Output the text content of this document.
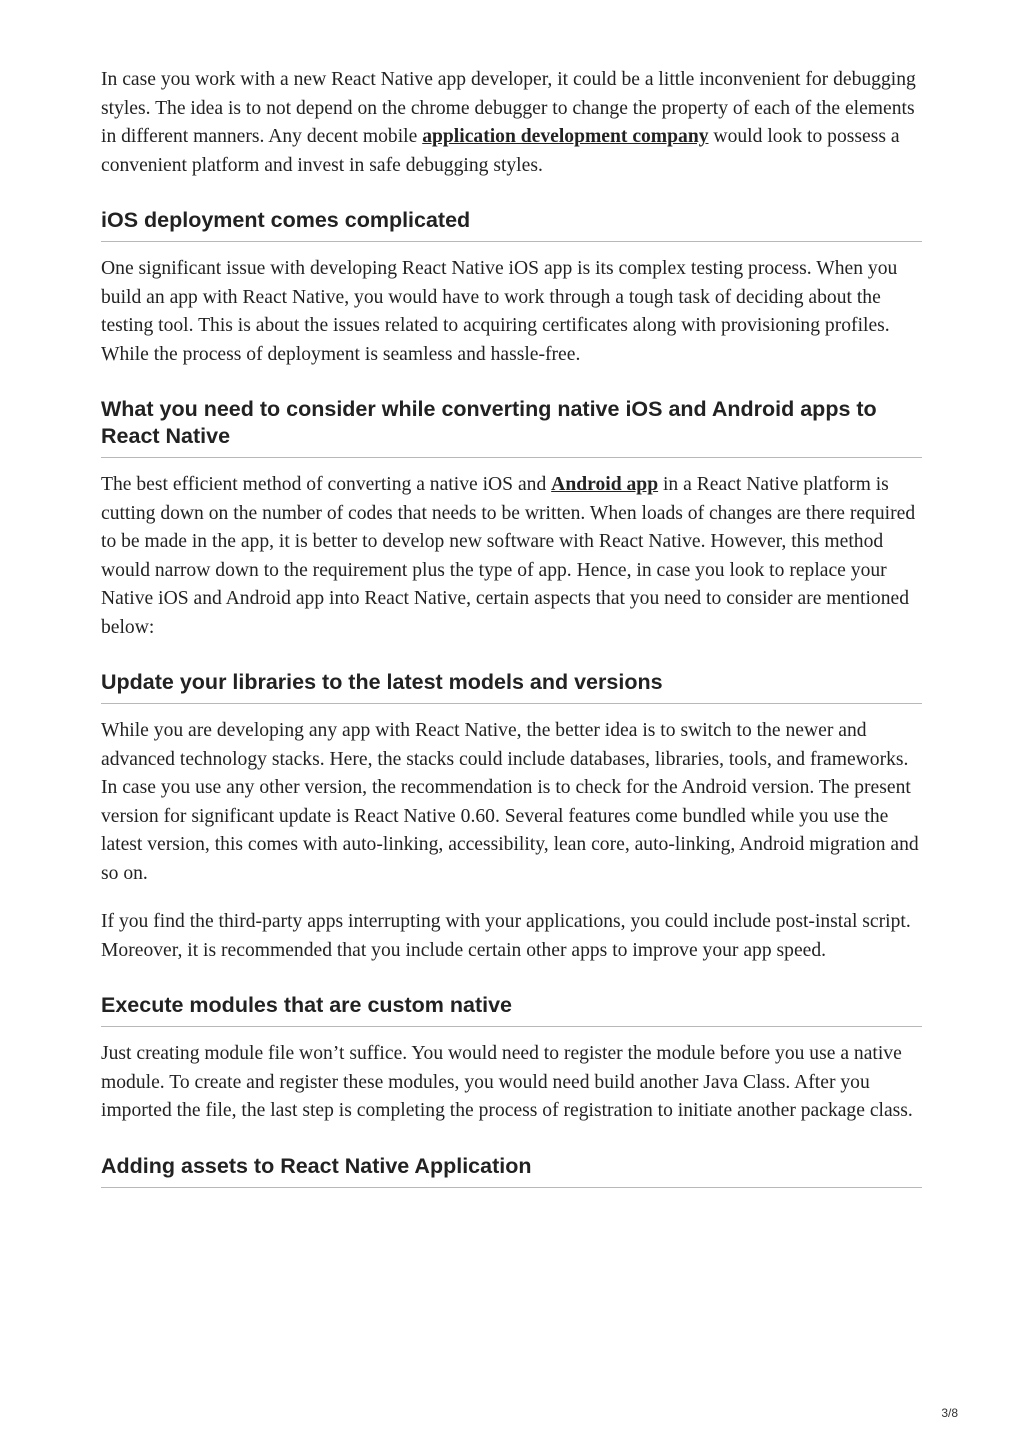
In case you work with a new React Native app developer, it could be a little inconvenient for debugging styles. The idea is to not depend on the chrome debugger to change the property of each of the elements in different manners. Any decent mobile application development company would look to possess a convenient platform and invest in safe debugging styles.

iOS deployment comes complicated

One significant issue with developing React Native iOS app is its complex testing process. When you build an app with React Native, you would have to work through a tough task of deciding about the testing tool. This is about the issues related to acquiring certificates along with provisioning profiles. While the process of deployment is seamless and hassle-free.

What you need to consider while converting native iOS and Android apps to React Native

The best efficient method of converting a native iOS and Android app in a React Native platform is cutting down on the number of codes that needs to be written. When loads of changes are there required to be made in the app, it is better to develop new software with React Native. However, this method would narrow down to the requirement plus the type of app. Hence, in case you look to replace your Native iOS and Android app into React Native, certain aspects that you need to consider are mentioned below:

Update your libraries to the latest models and versions

While you are developing any app with React Native, the better idea is to switch to the newer and advanced technology stacks. Here, the stacks could include databases, libraries, tools, and frameworks. In case you use any other version, the recommendation is to check for the Android version. The present version for significant update is React Native 0.60. Several features come bundled while you use the latest version, this comes with auto-linking, accessibility, lean core, auto-linking, Android migration and so on.

If you find the third-party apps interrupting with your applications, you could include post-instal script. Moreover, it is recommended that you include certain other apps to improve your app speed.

Execute modules that are custom native

Just creating module file won’t suffice. You would need to register the module before you use a native module. To create and register these modules, you would need build another Java Class. After you imported the file, the last step is completing the process of registration to initiate another package class.

Adding assets to React Native Application
3/8
